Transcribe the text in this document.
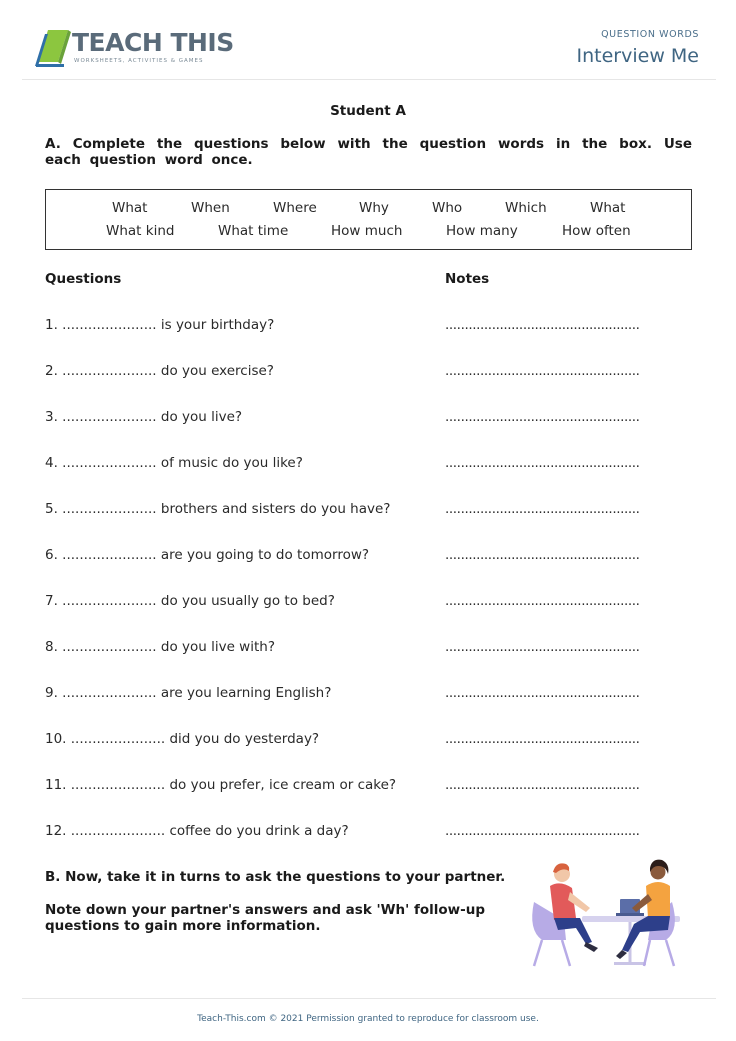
TEACH THIS
WORKSHEETS, ACTIVITIES & GAMES
QUESTION WORDS
Interview Me
Student A
A. Complete the questions below with the question words in the box. Use each question word once.
What	When	Where	Why	Who	Which	What
What kind	What time	How much	How many	How often
Questions	Notes
1. ...................... is your birthday?	..................................................
2. ...................... do you exercise?	..................................................
3. ...................... do you live?	..................................................
4. ...................... of music do you like?	..................................................
5. ...................... brothers and sisters do you have?	..................................................
6. ...................... are you going to do tomorrow?	..................................................
7. ...................... do you usually go to bed?	..................................................
8. ...................... do you live with?	..................................................
9. ...................... are you learning English?	..................................................
10. ...................... did you do yesterday?	..................................................
11. ...................... do you prefer, ice cream or cake?	..................................................
12. ...................... coffee do you drink a day?	..................................................
B. Now, take it in turns to ask the questions to your partner.
Note down your partner's answers and ask 'Wh' follow-up questions to gain more information.
Teach-This.com © 2021 Permission granted to reproduce for classroom use.
